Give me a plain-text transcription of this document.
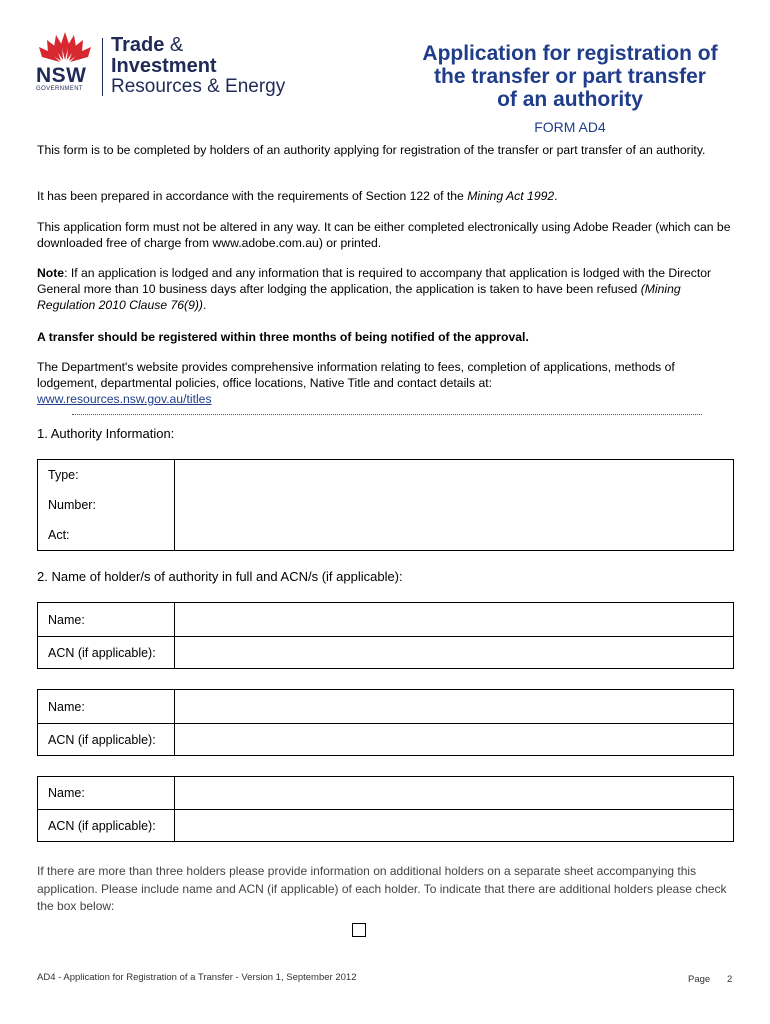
NSW
GOVERNMENT
Trade &
Investment
Resources & Energy
Application for registration of
the transfer or part transfer
of an authority
FORM AD4
This form is to be completed by holders of an authority applying for registration of the transfer or part transfer of an authority.
It has been prepared in accordance with the requirements of Section 122 of the Mining Act 1992.
This application form must not be altered in any way. It can be either completed electronically using Adobe Reader (which can be downloaded free of charge from www.adobe.com.au) or printed.
Note: If an application is lodged and any information that is required to accompany that application is lodged with the Director General more than 10 business days after lodging the application, the application is taken to have been refused (Mining Regulation 2010 Clause 76(9)).
A transfer should be registered within three months of being notified of the approval.
The Department's website provides comprehensive information relating to fees, completion of applications, methods of lodgement, departmental policies, office locations, Native Title and contact details at:
www.resources.nsw.gov.au/titles
1. Authority Information:
Type:	
Number:	
Act:	
2. Name of holder/s of authority in full and ACN/s (if applicable):
Name:	
ACN (if applicable):	
Name:	
ACN (if applicable):	
Name:	
ACN (if applicable):	
If there are more than three holders please provide information on additional holders on a separate sheet accompanying this application. Please include name and ACN (if applicable) of each holder. To indicate that there are additional holders please check the box below:
AD4 - Application for Registration of a Transfer - Version 1, September 2012	Page 2
